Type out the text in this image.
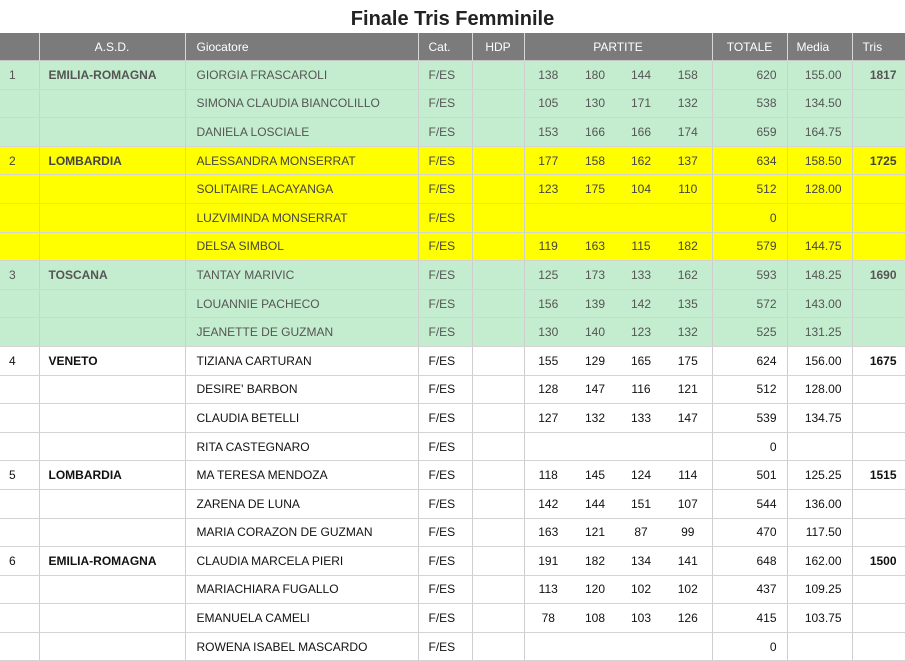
Finale Tris Femminile
	A.S.D.	Giocatore	Cat.	HDP	PARTITE				TOTALE	Media	Tris
1	EMILIA-ROMAGNA	GIORGIA FRASCAROLI	F/ES		138	180	144	158	620	155.00	1817
		SIMONA CLAUDIA BIANCOLILLO	F/ES		105	130	171	132	538	134.50	
		DANIELA LOSCIALE	F/ES		153	166	166	174	659	164.75	
2	LOMBARDIA	ALESSANDRA MONSERRAT	F/ES		177	158	162	137	634	158.50	1725
		SOLITAIRE LACAYANGA	F/ES		123	175	104	110	512	128.00	
		LUZVIMINDA MONSERRAT	F/ES						0		
		DELSA SIMBOL	F/ES		119	163	115	182	579	144.75	
3	TOSCANA	TANTAY MARIVIC	F/ES		125	173	133	162	593	148.25	1690
		LOUANNIE PACHECO	F/ES		156	139	142	135	572	143.00	
		JEANETTE DE GUZMAN	F/ES		130	140	123	132	525	131.25	
4	VENETO	TIZIANA CARTURAN	F/ES		155	129	165	175	624	156.00	1675
		DESIRE' BARBON	F/ES		128	147	116	121	512	128.00	
		CLAUDIA BETELLI	F/ES		127	132	133	147	539	134.75	
		RITA CASTEGNARO	F/ES						0		
5	LOMBARDIA	MA TERESA MENDOZA	F/ES		118	145	124	114	501	125.25	1515
		ZARENA DE LUNA	F/ES		142	144	151	107	544	136.00	
		MARIA CORAZON DE GUZMAN	F/ES		163	121	87	99	470	117.50	
6	EMILIA-ROMAGNA	CLAUDIA MARCELA PIERI	F/ES		191	182	134	141	648	162.00	1500
		MARIACHIARA FUGALLO	F/ES		113	120	102	102	437	109.25	
		EMANUELA CAMELI	F/ES		78	108	103	126	415	103.75	
		ROWENA ISABEL MASCARDO	F/ES						0		
